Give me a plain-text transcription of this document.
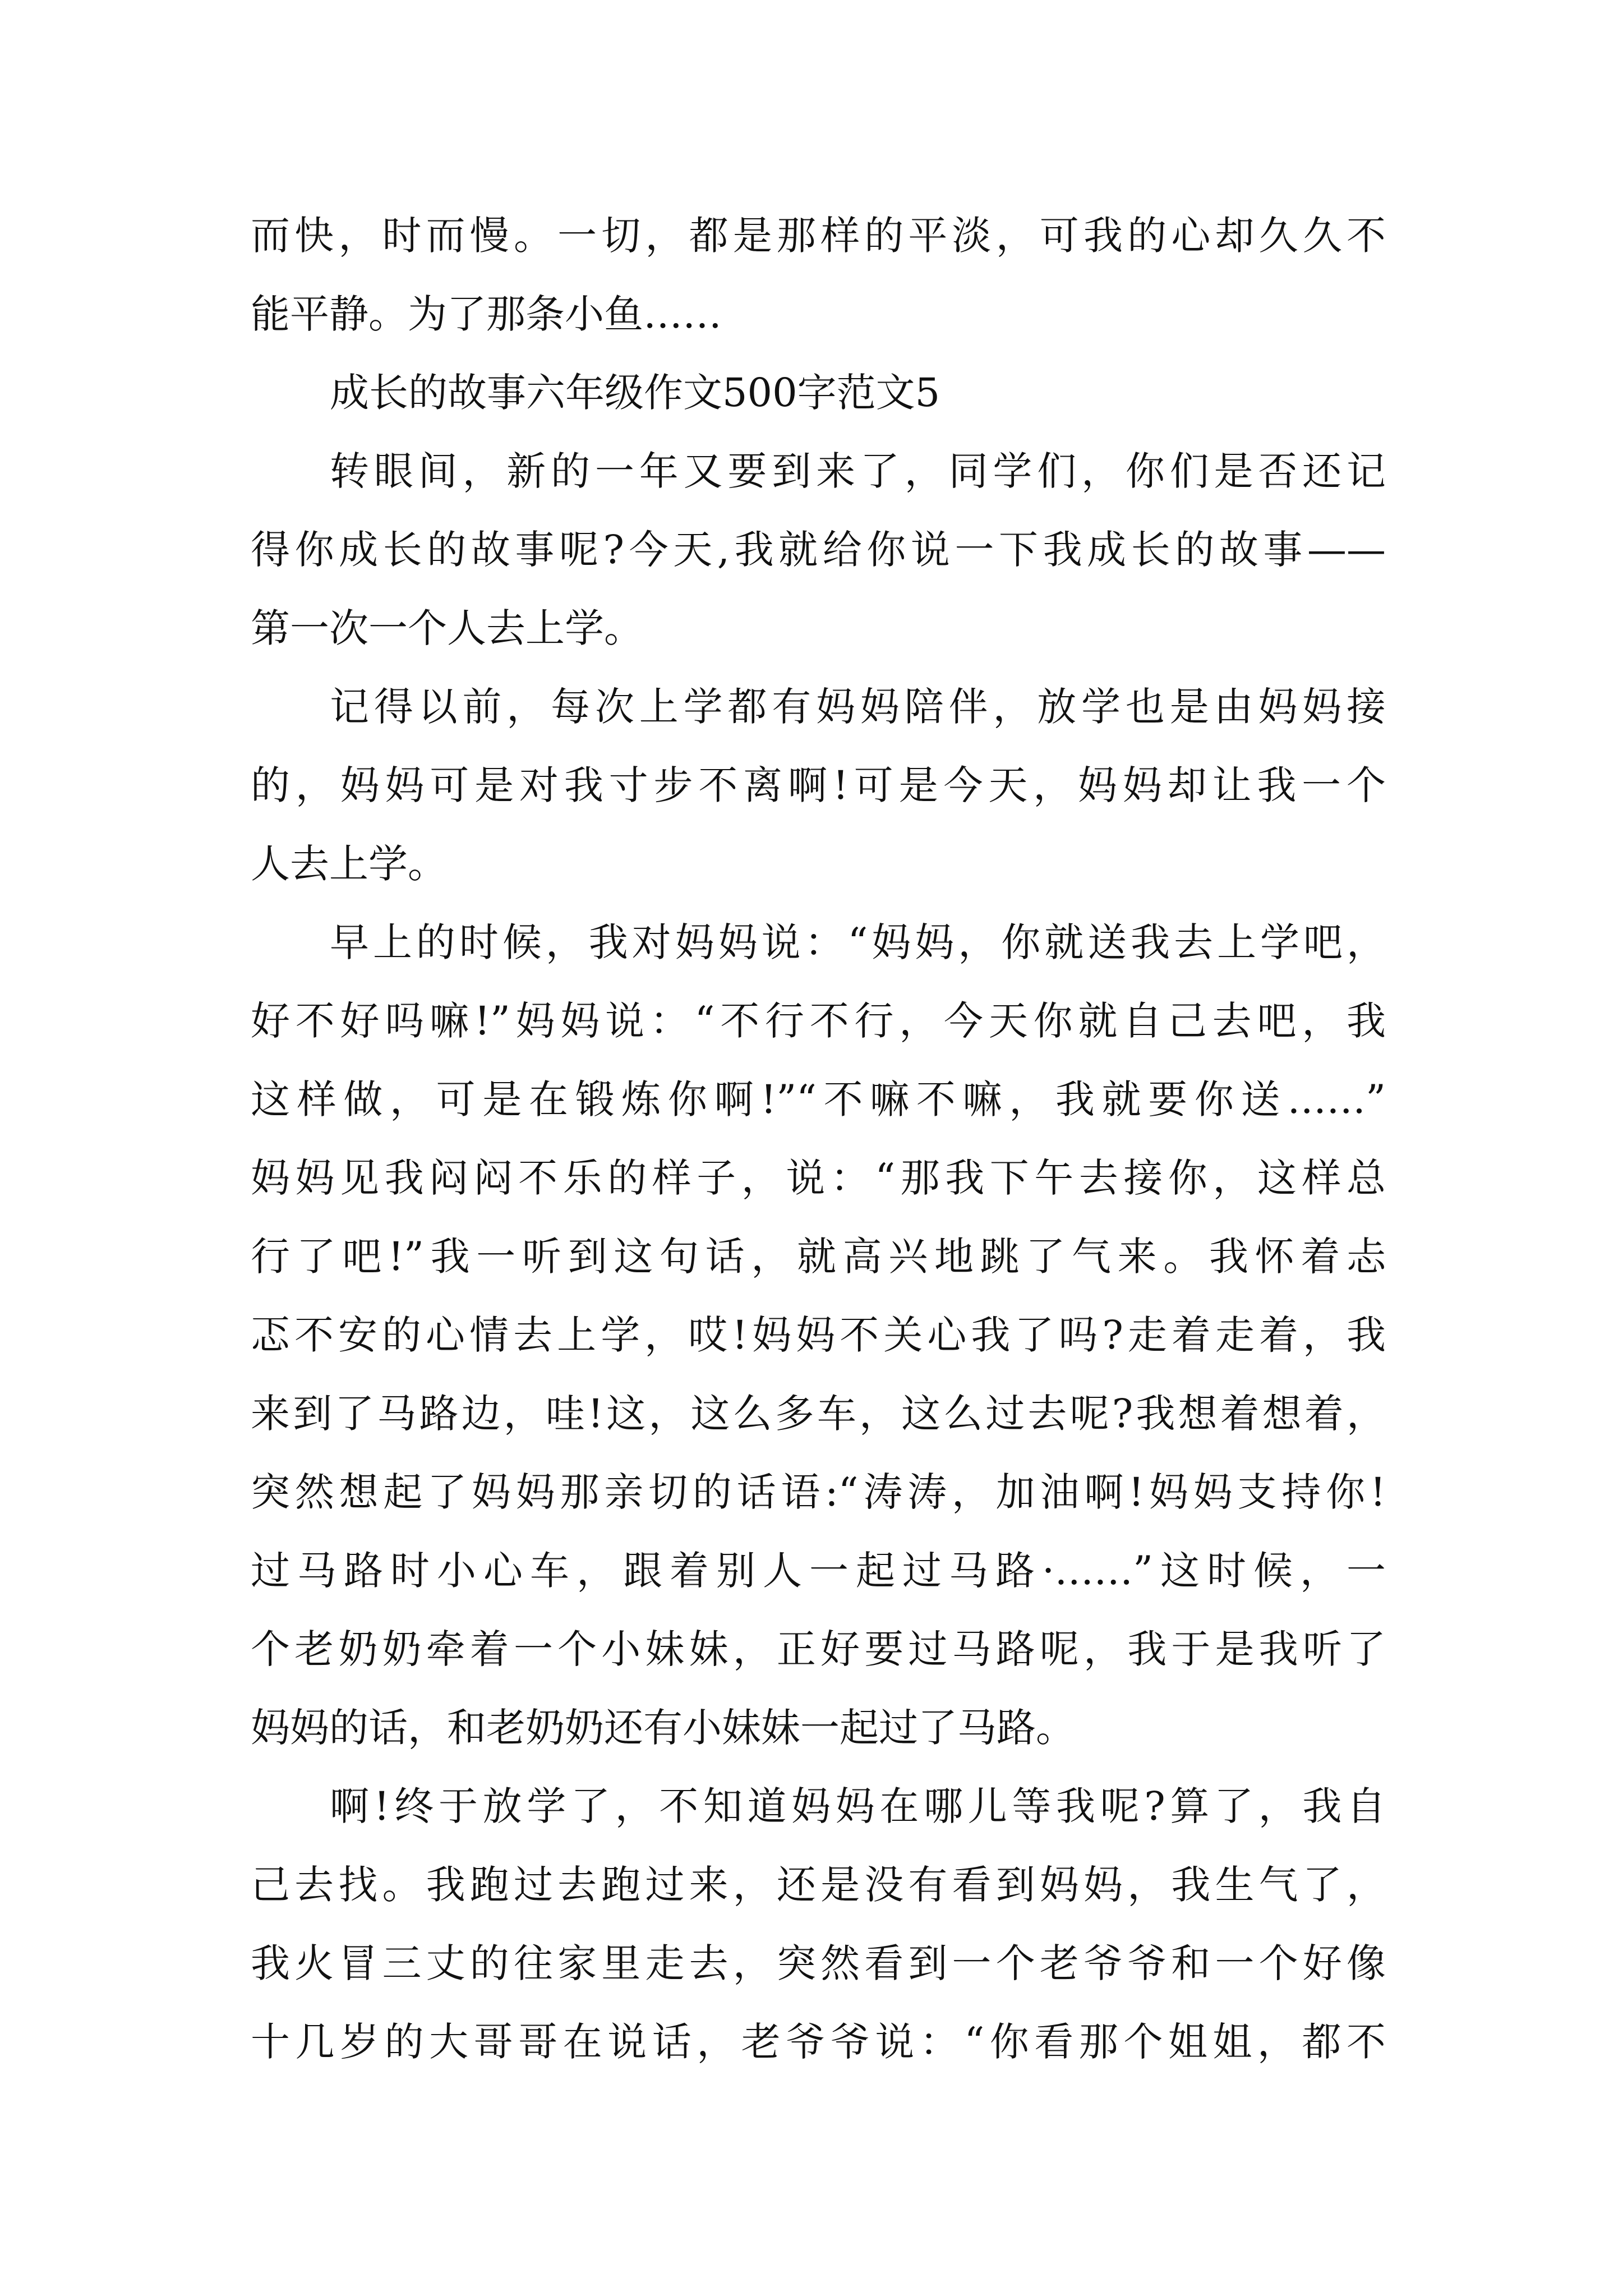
而快，时而慢。一切，都是那样的平淡，可我的心却久久不
能平静。为了那条小鱼……
成长的故事六年级作文500字范文5
转眼间，新的一年又要到来了，同学们，你们是否还记
得你成长的故事呢?今天,我就给你说一下我成长的故事——
第一次一个人去上学。
记得以前，每次上学都有妈妈陪伴，放学也是由妈妈接
的，妈妈可是对我寸步不离啊!可是今天，妈妈却让我一个
人去上学。
早上的时候，我对妈妈说：“妈妈，你就送我去上学吧，
好不好吗嘛!”妈妈说：“不行不行，今天你就自己去吧，我
这样做，可是在锻炼你啊!”“不嘛不嘛，我就要你送……”
妈妈见我闷闷不乐的样子，说：“那我下午去接你，这样总
行了吧!”我一听到这句话，就高兴地跳了气来。我怀着忐
忑不安的心情去上学，哎!妈妈不关心我了吗?走着走着，我
来到了马路边，哇!这，这么多车，这么过去呢?我想着想着，
突然想起了妈妈那亲切的话语:“涛涛，加油啊!妈妈支持你!
过马路时小心车，跟着别人一起过马路·……”这时候，一
个老奶奶牵着一个小妹妹，正好要过马路呢，我于是我听了
妈妈的话，和老奶奶还有小妹妹一起过了马路。
啊!终于放学了，不知道妈妈在哪儿等我呢?算了，我自
己去找。我跑过去跑过来，还是没有看到妈妈，我生气了，
我火冒三丈的往家里走去，突然看到一个老爷爷和一个好像
十几岁的大哥哥在说话，老爷爷说：“你看那个姐姐，都不
